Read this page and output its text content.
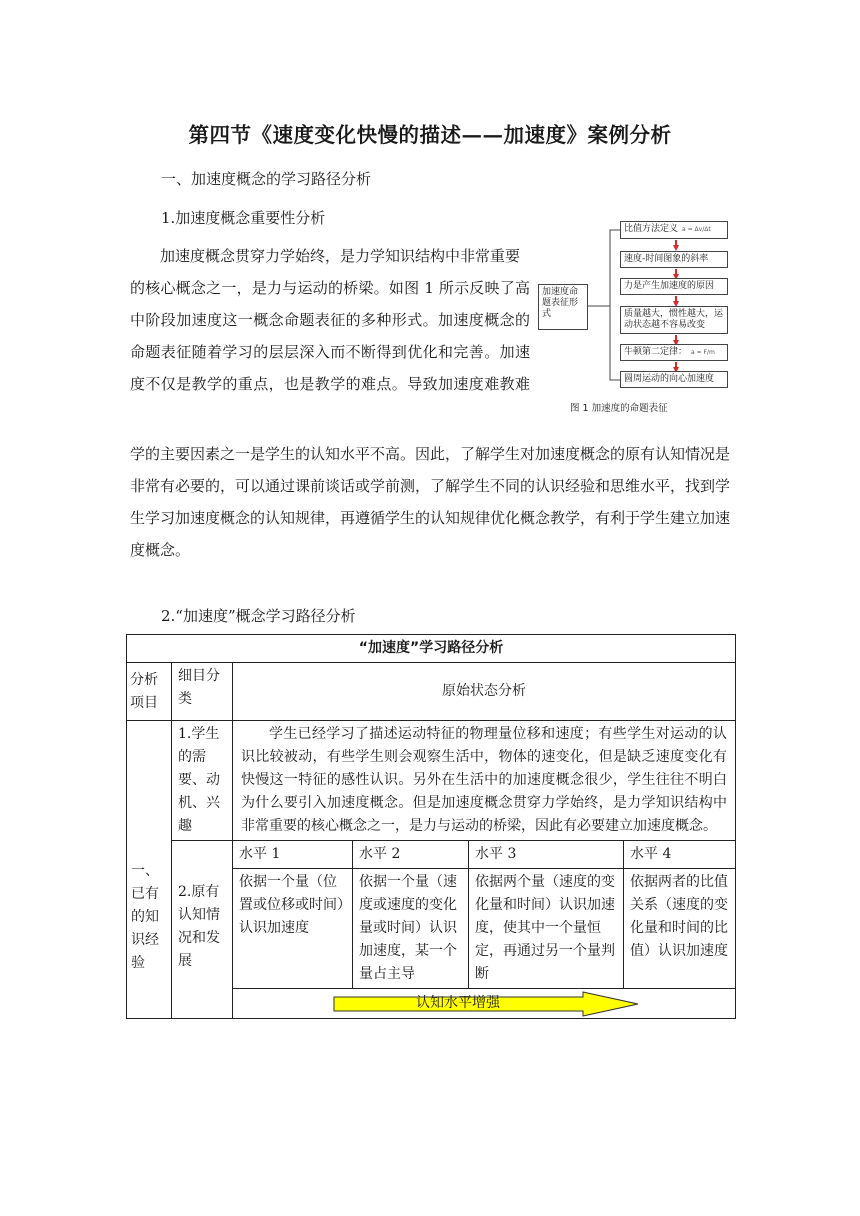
第四节《速度变化快慢的描述——加速度》案例分析
一、加速度概念的学习路径分析
1.加速度概念重要性分析
加速度概念贯穿力学始终，是力学知识结构中非常重要
的核心概念之一，是力与运动的桥梁。如图 1 所示反映了高
中阶段加速度这一概念命题表征的多种形式。加速度概念的
命题表征随着学习的层层深入而不断得到优化和完善。加速
度不仅是教学的重点，也是教学的难点。导致加速度难教难
学的主要因素之一是学生的认知水平不高。因此，了解学生对加速度概念的原有认知情况是
非常有必要的，可以通过课前谈话或学前测，了解学生不同的认识经验和思维水平，找到学
生学习加速度概念的认知规律，再遵循学生的认知规律优化概念教学，有利于学生建立加速
度概念。
2.“加速度”概念学习路径分析
加速度命题表征形式
比值方法定义 a = Δv/Δt
速度-时间图象的斜率
力是产生加速度的原因
质量越大，惯性越大，运动状态越不容易改变
牛顿第二定律： a = F/m
圆周运动的向心加速度
图 1 加速度的命题表征
“加速度”学习路径分析					
分析项目	细目分类	原始状态分析			
一、已有的知识经验	1.学生的需要、动机、兴趣	学生已经学习了描述运动特征的物理量位移和速度；有些学生对运动的认识比较被动，有些学生则会观察生活中，物体的速变化，但是缺乏速度变化有快慢这一特征的感性认识。另外在生活中的加速度概念很少，学生往往不明白为什么要引入加速度概念。但是加速度概念贯穿力学始终，是力学知识结构中非常重要的核心概念之一，是力与运动的桥梁，因此有必要建立加速度概念。			
	2.原有认知情况和发展	水平 1	水平 2	水平 3	水平 4
		依据一个量（位置或位移或时间）认识加速度	依据一个量（速度或速度的变化量或时间）认识加速度，某一个量占主导	依据两个量（速度的变化量和时间）认识加速度，使其中一个量恒定，再通过另一个量判断	依据两者的比值关系（速度的变化量和时间的比值）认识加速度

		认知水平增强			
